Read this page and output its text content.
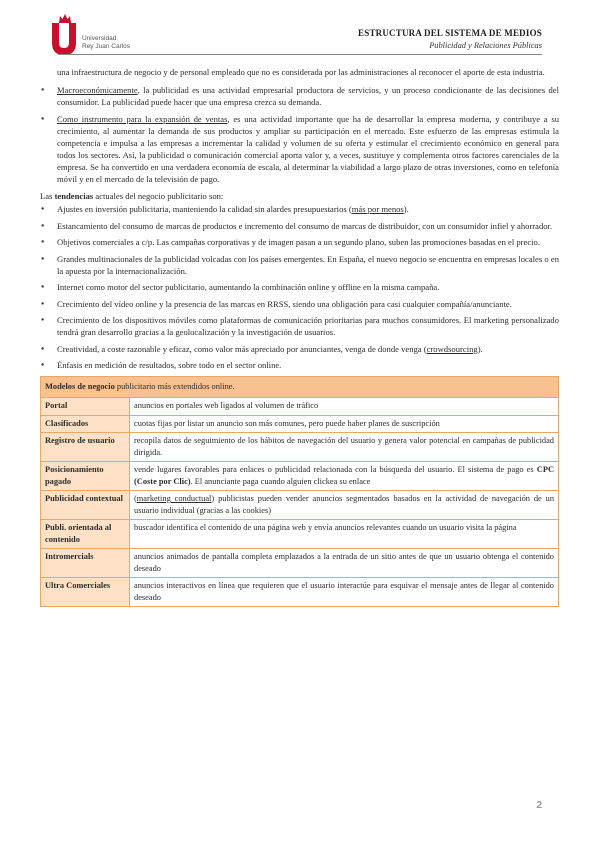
Universidad
Rey Juan Carlos
ESTRUCTURA DEL SISTEMA DE MEDIOS
Publicidad y Relaciones Públicas

una infraestructura de negocio y de personal empleado que no es considerada por las administraciones al reconocer el aporte de esta industria.

● Macroeconómicamente, la publicidad es una actividad empresarial productora de servicios, y un proceso condicionante de las decisiones del consumidor. La publicidad puede hacer que una empresa crezca su demanda.
● Como instrumento para la expansión de ventas, es una actividad importante que ha de desarrollar la empresa moderna, y contribuye a su crecimiento, al aumentar la demanda de sus productos y ampliar su participación en el mercado. Este esfuerzo de las empresas estimula la competencia e impulsa a las empresas a incrementar la calidad y volumen de su oferta y estimular el crecimiento económico en general para todos los sectores. Así, la publicidad o comunicación comercial aporta valor y, a veces, sustituye y complementa otros factores carenciales de la empresa. Se ha convertido en una verdadera economía de escala, al determinar la viabilidad a largo plazo de otras inversiones, como en telefonía móvil y en el mercado de la televisión de pago.

Las tendencias actuales del negocio publicitario son:

● Ajustes en inversión publicitaria, manteniendo la calidad sin alardes presupuestarios (más por menos).
● Estancamiento del consumo de marcas de productos e incremento del consumo de marcas de distribuidor, con un consumidor infiel y ahorrador.
● Objetivos comerciales a c/p. Las campañas corporativas y de imagen pasan a un segundo plano, suben las promociones basadas en el precio.
● Grandes multinacionales de la publicidad volcadas con los países emergentes. En España, el nuevo negocio se encuentra en empresas locales o en la apuesta por la internacionalización.
● Internet como motor del sector publicitario, aumentando la combinación online y offline en la misma campaña.
● Crecimiento del vídeo online y la presencia de las marcas en RRSS, siendo una obligación para casi cualquier compañía/anunciante.
● Crecimiento de los dispositivos móviles como plataformas de comunicación prioritarias para muchos consumidores. El marketing personalizado tendrá gran desarrollo gracias a la geolocalización y la investigación de usuarios.
● Creatividad, a coste razonable y eficaz, como valor más apreciado por anunciantes, venga de donde venga (crowdsourcing).
● Énfasis en medición de resultados, sobre todo en el sector online.
Modelos de negocio publicitario más extendidos online.	
Portal	anuncios en portales web ligados al volumen de tráfico
Clasificados	cuotas fijas por listar un anuncio son más comunes, pero puede haber planes de suscripción
Registro de usuario	recopila datos de seguimiento de los hábitos de navegación del usuario y genera valor potencial en campañas de publicidad dirigida.
Posicionamiento pagado	vende lugares favorables para enlaces o publicidad relacionada con la búsqueda del usuario. El sistema de pago es CPC (Coste por Clic). El anunciante paga cuando alguien clickea su enlace
Publicidad contextual	(marketing conductual) publicistas pueden vender anuncios segmentados basados en la actividad de navegación de un usuario individual (gracias a las cookies)
Publi. orientada al contenido	buscador identifica el contenido de una página web y envía anuncios relevantes cuando un usuario visita la página
Intromercials	anuncios animados de pantalla completa emplazados a la entrada de un sitio antes de que un usuario obtenga el contenido deseado
Ultra Comerciales	anuncios interactivos en línea que requieren que el usuario interactúe para esquivar el mensaje antes de llegar al contenido deseado
2
